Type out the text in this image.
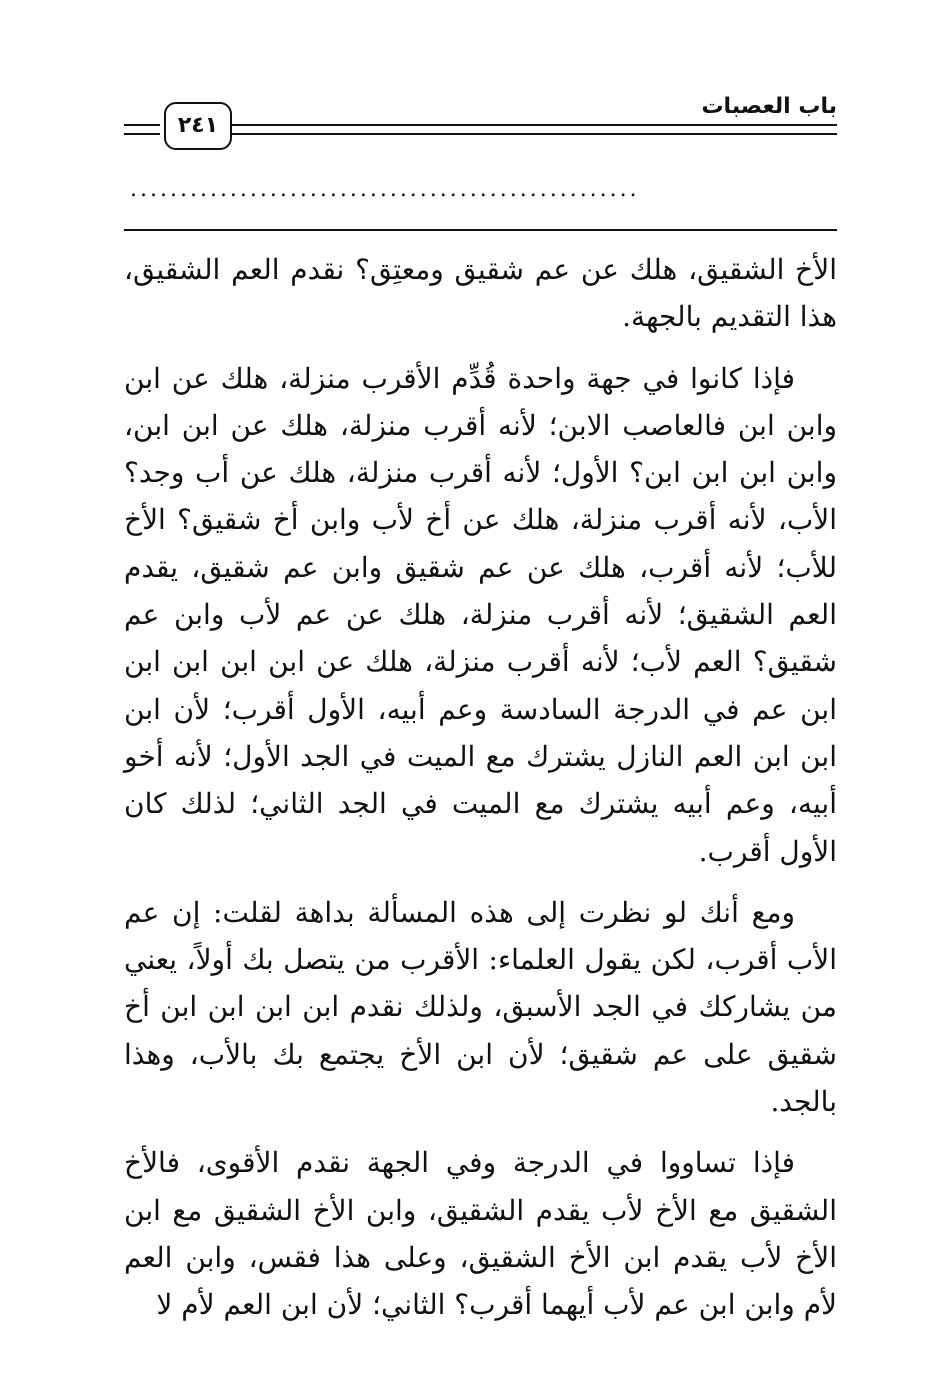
٢٤١
باب العصبات
...................................................

الأخ الشقيق، هلك عن عم شقيق ومعتِق؟ نقدم العم الشقيق، هذا التقديم بالجهة.

فإذا كانوا في جهة واحدة قُدِّم الأقرب منزلة، هلك عن ابن وابن ابن فالعاصب الابن؛ لأنه أقرب منزلة، هلك عن ابن ابن، وابن ابن ابن ابن؟ الأول؛ لأنه أقرب منزلة، هلك عن أب وجد؟ الأب، لأنه أقرب منزلة، هلك عن أخ لأب وابن أخ شقيق؟ الأخ للأب؛ لأنه أقرب، هلك عن عم شقيق وابن عم شقيق، يقدم العم الشقيق؛ لأنه أقرب منزلة، هلك عن عم لأب وابن عم شقيق؟ العم لأب؛ لأنه أقرب منزلة، هلك عن ابن ابن ابن ابن ابن عم في الدرجة السادسة وعم أبيه، الأول أقرب؛ لأن ابن ابن ابن العم النازل يشترك مع الميت في الجد الأول؛ لأنه أخو أبيه، وعم أبيه يشترك مع الميت في الجد الثاني؛ لذلك كان الأول أقرب.

ومع أنك لو نظرت إلى هذه المسألة بداهة لقلت: إن عم الأب أقرب، لكن يقول العلماء: الأقرب من يتصل بك أولاً، يعني من يشاركك في الجد الأسبق، ولذلك نقدم ابن ابن ابن ابن أخ شقيق على عم شقيق؛ لأن ابن الأخ يجتمع بك بالأب، وهذا بالجد.

فإذا تساووا في الدرجة وفي الجهة نقدم الأقوى، فالأخ الشقيق مع الأخ لأب يقدم الشقيق، وابن الأخ الشقيق مع ابن الأخ لأب يقدم ابن الأخ الشقيق، وعلى هذا فقس، وابن العم لأم وابن ابن عم لأب أيهما أقرب؟ الثاني؛ لأن ابن العم لأم لا
